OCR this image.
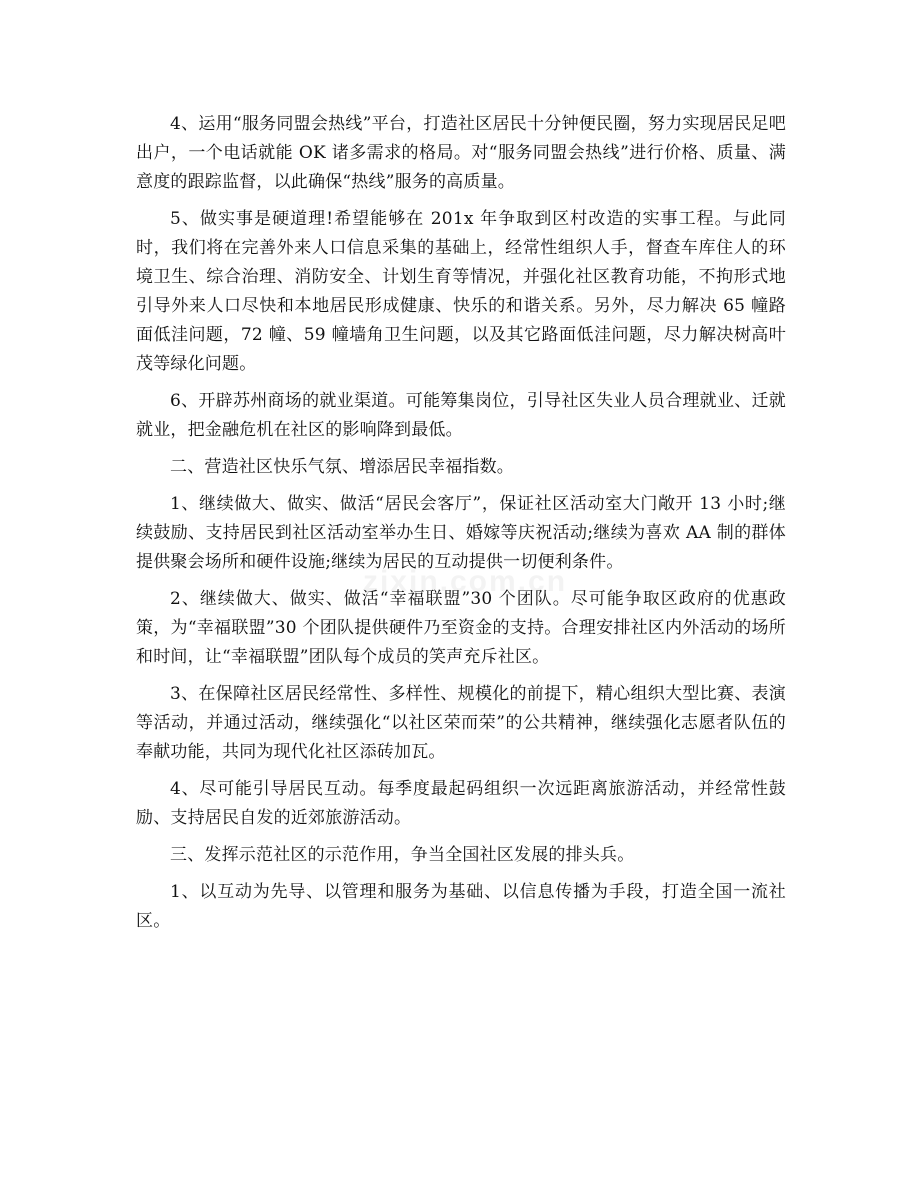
4、运用“服务同盟会热线”平台，打造社区居民十分钟便民圈，努力实现居民足吧出户，一个电话就能 OK 诸多需求的格局。对“服务同盟会热线”进行价格、质量、满意度的跟踪监督，以此确保“热线”服务的高质量。

5、做实事是硬道理!希望能够在 201x 年争取到区村改造的实事工程。与此同时，我们将在完善外来人口信息采集的基础上，经常性组织人手，督查车库住人的环境卫生、综合治理、消防安全、计划生育等情况，并强化社区教育功能，不拘形式地引导外来人口尽快和本地居民形成健康、快乐的和谐关系。另外，尽力解决 65 幢路面低洼问题，72 幢、59 幢墙角卫生问题，以及其它路面低洼问题，尽力解决树高叶茂等绿化问题。

6、开辟苏州商场的就业渠道。可能筹集岗位，引导社区失业人员合理就业、迁就就业，把金融危机在社区的影响降到最低。

二、营造社区快乐气氛、增添居民幸福指数。

1、继续做大、做实、做活“居民会客厅”，保证社区活动室大门敞开 13 小时;继续鼓励、支持居民到社区活动室举办生日、婚嫁等庆祝活动;继续为喜欢 AA 制的群体提供聚会场所和硬件设施;继续为居民的互动提供一切便利条件。

2、继续做大、做实、做活“幸福联盟”30 个团队。尽可能争取区政府的优惠政策，为“幸福联盟”30 个团队提供硬件乃至资金的支持。合理安排社区内外活动的场所和时间，让“幸福联盟”团队每个成员的笑声充斥社区。

3、在保障社区居民经常性、多样性、规模化的前提下，精心组织大型比赛、表演等活动，并通过活动，继续强化“以社区荣而荣”的公共精神，继续强化志愿者队伍的奉献功能，共同为现代化社区添砖加瓦。

4、尽可能引导居民互动。每季度最起码组织一次远距离旅游活动，并经常性鼓励、支持居民自发的近郊旅游活动。

三、发挥示范社区的示范作用，争当全国社区发展的排头兵。

1、以互动为先导、以管理和服务为基础、以信息传播为手段，打造全国一流社区。

zixin.com.cn
